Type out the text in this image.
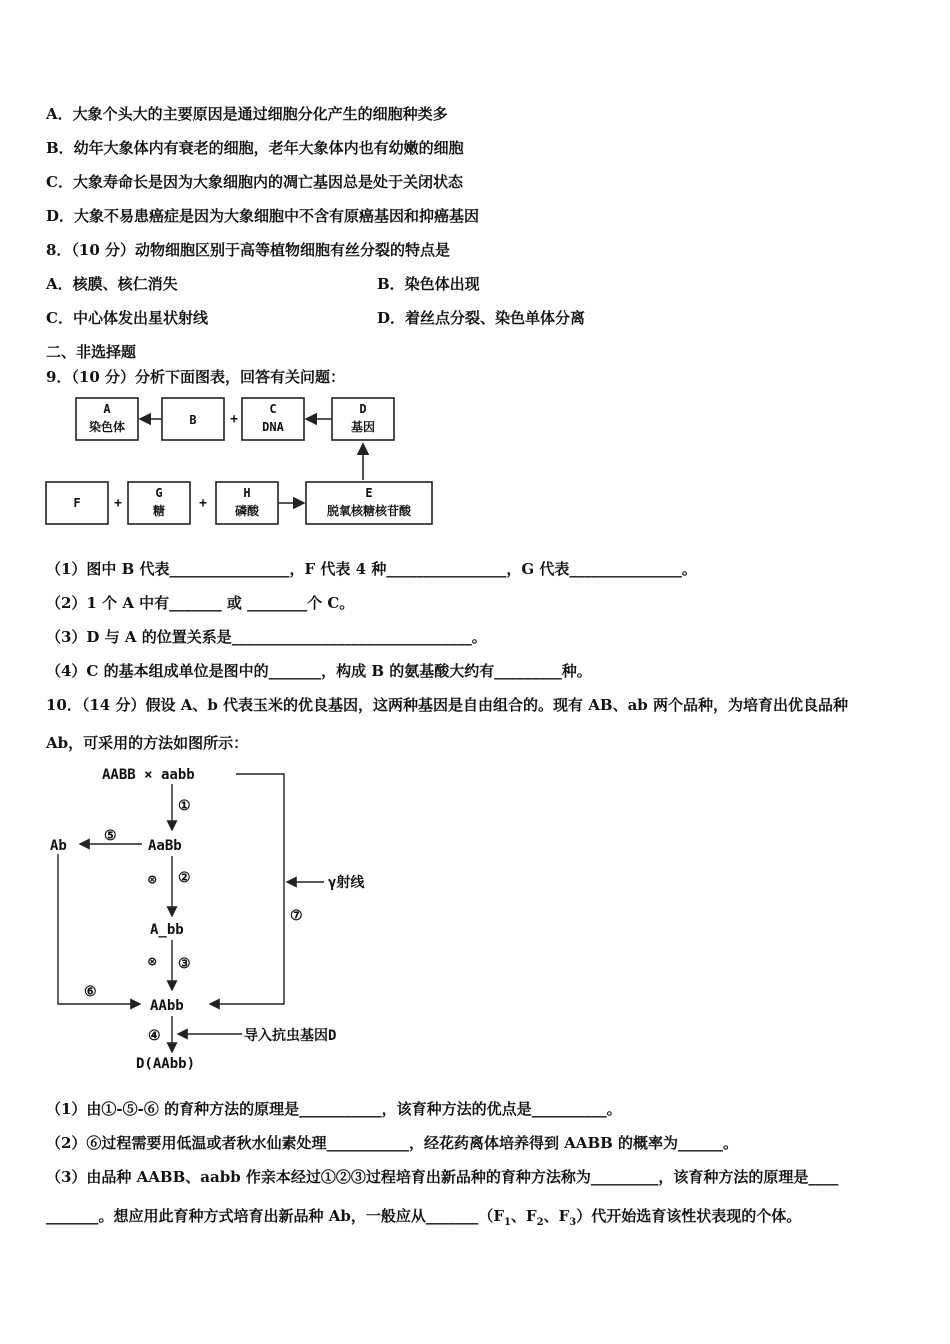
A．大象个头大的主要原因是通过细胞分化产生的细胞种类多
B．幼年大象体内有衰老的细胞，老年大象体内也有幼嫩的细胞
C．大象寿命长是因为大象细胞内的凋亡基因总是处于关闭状态
D．大象不易患癌症是因为大象细胞中不含有原癌基因和抑癌基因
8．（10 分）动物细胞区别于高等植物细胞有丝分裂的特点是
A．核膜、核仁消失	B．染色体出现
C．中心体发出星状射线	D．着丝点分裂、染色单体分离
二、非选择题
9．（10 分）分析下面图表，回答有关问题：
A
染色体	B
C
DNA
D
基因
F
G
糖
H
磷酸
E
脱氧核糖核苷酸
+
+	+
（1）图中 B 代表________________，F 代表 4 种________________，G 代表_______________。
（2）1 个 A 中有_______ 或 ________个 C。
（3）D 与 A 的位置关系是________________________________。
（4）C 的基本组成单位是图中的_______，构成 B 的氨基酸大约有_________种。
10．（14 分）假设 A、b 代表玉米的优良基因，这两种基因是自由组合的。现有 AB、ab 两个品种，为培育出优良品种
Ab，可采用的方法如图所示：
AABB × aabb
①
AaBb
Ab
⑤
⊗ ②	γ射线
⑦
A_bb
⊗ ③
⑥
AAbb
④	导入抗虫基因D
D(AAbb)
（1）由①-⑤-⑥ 的育种方法的原理是___________，该育种方法的优点是__________。
（2）⑥过程需要用低温或者秋水仙素处理___________，经花药离体培养得到 AABB 的概率为______。
（3）由品种 AABB、aabb 作亲本经过①②③过程培育出新品种的育种方法称为_________，该育种方法的原理是____
_______。想应用此育种方式培育出新品种 Ab，一般应从$\_\_\_\_\_\_\_(F_1$、$F_2$、$F_3$）代开始选育该性状表现的个体。
